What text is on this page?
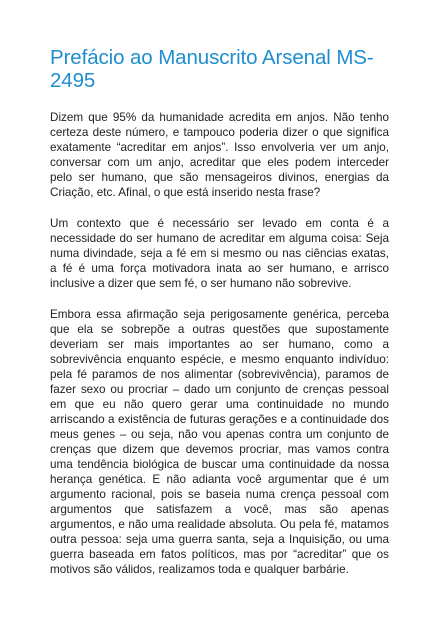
Prefácio ao Manuscrito Arsenal MS-2495

Dizem que 95% da humanidade acredita em anjos. Não tenho certeza deste número, e tampouco poderia dizer o que significa exatamente “acreditar em anjos”. Isso envolveria ver um anjo, conversar com um anjo, acreditar que eles podem interceder pelo ser humano, que são mensageiros divinos, energias da Criação, etc. Afinal, o que está inserido nesta frase?

Um contexto que é necessário ser levado em conta é a necessidade do ser humano de acreditar em alguma coisa: Seja numa divindade, seja a fé em si mesmo ou nas ciências exatas, a fé é uma força motivadora inata ao ser humano, e arrisco inclusive a dizer que sem fé, o ser humano não sobrevive.

Embora essa afirmação seja perigosamente genérica, perceba que ela se sobrepõe a outras questões que supostamente deveriam ser mais importantes ao ser humano, como a sobrevivência enquanto espécie, e mesmo enquanto indivíduo: pela fé paramos de nos alimentar (sobrevivência), paramos de fazer sexo ou procriar – dado um conjunto de crenças pessoal em que eu não quero gerar uma continuidade no mundo arriscando a existência de futuras gerações e a continuidade dos meus genes – ou seja, não vou apenas contra um conjunto de crenças que dizem que devemos procriar, mas vamos contra uma tendência biológica de buscar uma continuidade da nossa herança genética. E não adianta você argumentar que é um argumento racional, pois se baseia numa crença pessoal com argumentos que satisfazem a você, mas são apenas argumentos, e não uma realidade absoluta. Ou pela fé, matamos outra pessoa: seja uma guerra santa, seja a Inquisição, ou uma guerra baseada em fatos políticos, mas por “acreditar” que os motivos são válidos, realizamos toda e qualquer barbárie.
